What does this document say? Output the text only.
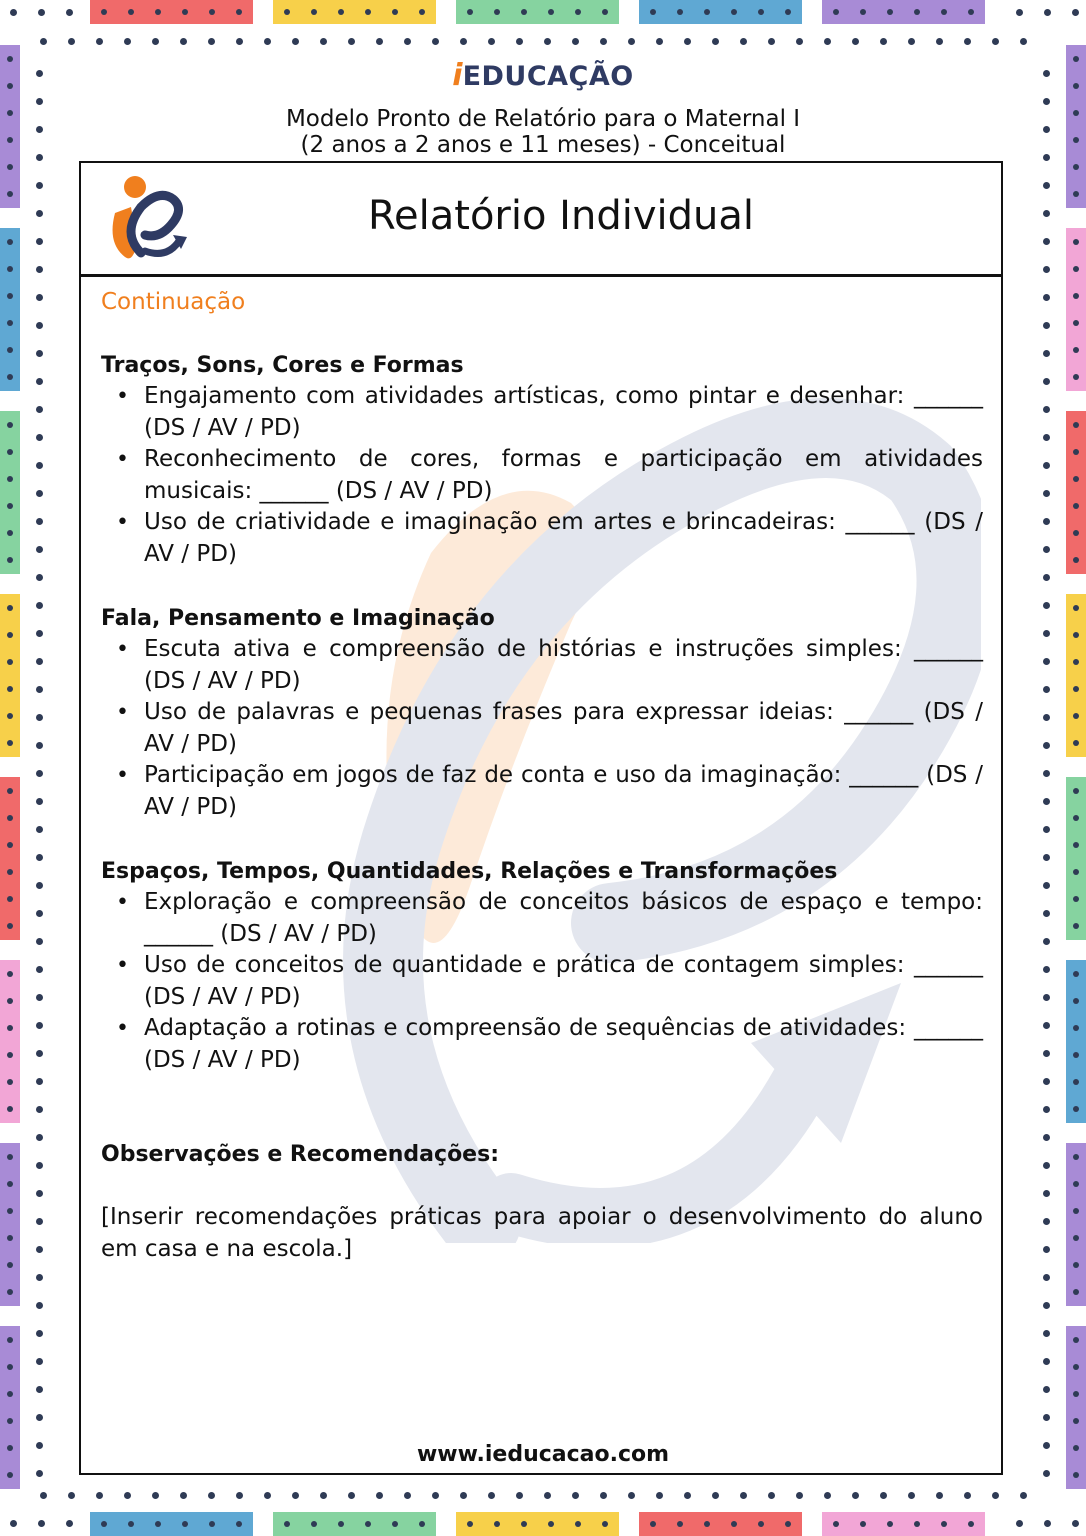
iEDUCAÇÃO
Modelo Pronto de Relatório para o Maternal I
(2 anos a 2 anos e 11 meses) - Conceitual
Relatório Individual
Continuação
Traços, Sons, Cores e Formas
• Engajamento com atividades artísticas, como pintar e desenhar: ______ (DS / AV / PD)
• Reconhecimento de cores, formas e participação em atividades musicais: ______ (DS / AV / PD)
• Uso de criatividade e imaginação em artes e brincadeiras: ______ (DS / AV / PD)
Fala, Pensamento e Imaginação
• Escuta ativa e compreensão de histórias e instruções simples: ______ (DS / AV / PD)
• Uso de palavras e pequenas frases para expressar ideias: ______ (DS / AV / PD)
• Participação em jogos de faz de conta e uso da imaginação: ______ (DS / AV / PD)
Espaços, Tempos, Quantidades, Relações e Transformações
• Exploração e compreensão de conceitos básicos de espaço e tempo: ______ (DS / AV / PD)
• Uso de conceitos de quantidade e prática de contagem simples: ______ (DS / AV / PD)
• Adaptação a rotinas e compreensão de sequências de atividades: ______ (DS / AV / PD)
Observações e Recomendações:
[Inserir recomendações práticas para apoiar o desenvolvimento do aluno em casa e na escola.]
www.ieducacao.com
